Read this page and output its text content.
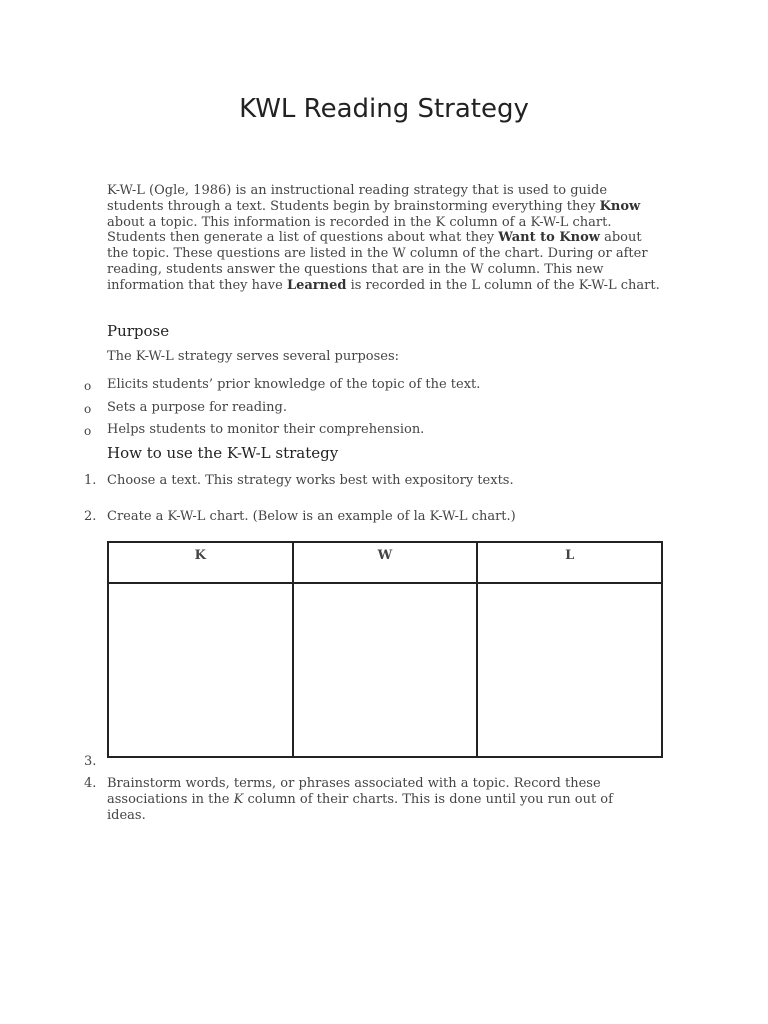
KWL Reading Strategy

K-W-L (Ogle, 1986) is an instructional reading strategy that is used to guide students through a text. Students begin by brainstorming everything they Know about a topic. This information is recorded in the K column of a K-W-L chart. Students then generate a list of questions about what they Want to Know about the topic. These questions are listed in the W column of the chart. During or after reading, students answer the questions that are in the W column. This new information that they have Learned is recorded in the L column of the K-W-L chart.

Purpose

The K-W-L strategy serves several purposes:

o Elicits students’ prior knowledge of the topic of the text.

o Sets a purpose for reading.

o Helps students to monitor their comprehension.

How to use the K-W-L strategy
1. Choose a text. This strategy works best with expository texts.

2. Create a K-W-L chart. (Below is an example of la K-W-L chart.)

K	W	L

3.
4. Brainstorm words, terms, or phrases associated with a topic. Record these associations in the K column of their charts. This is done until you run out of ideas.
